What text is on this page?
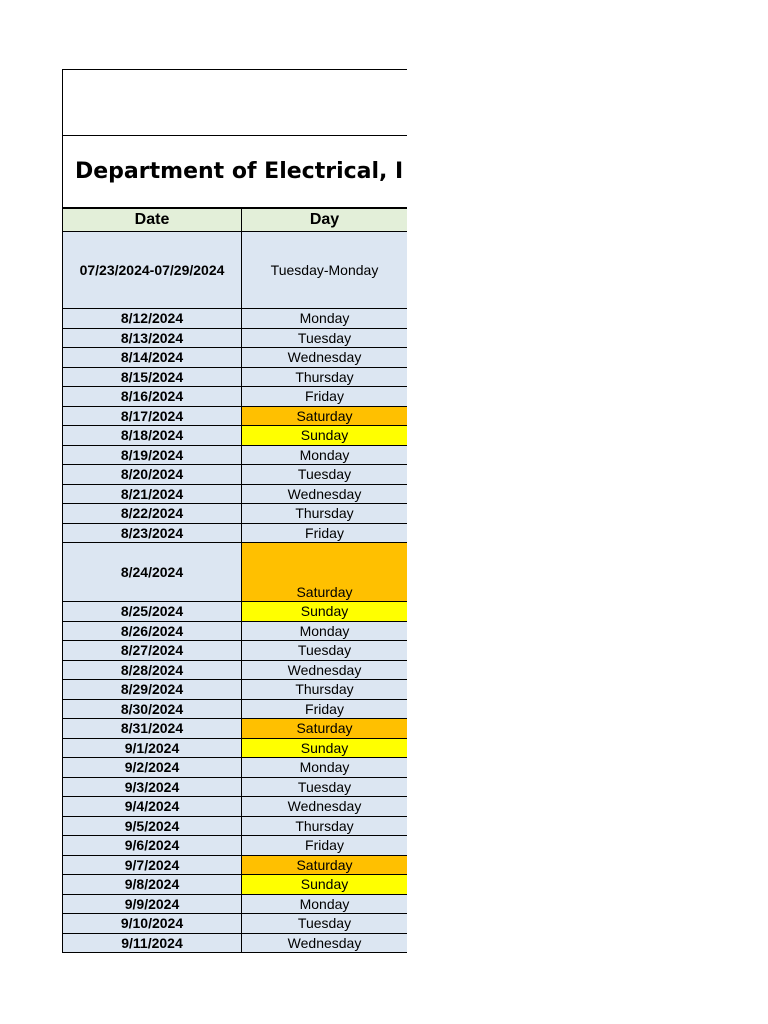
Department of Electrical, I
Date	Day
07/23/2024-07/29/2024	Tuesday-Monday
8/12/2024	Monday
8/13/2024	Tuesday
8/14/2024	Wednesday
8/15/2024	Thursday
8/16/2024	Friday
8/17/2024	Saturday
8/18/2024	Sunday
8/19/2024	Monday
8/20/2024	Tuesday
8/21/2024	Wednesday
8/22/2024	Thursday
8/23/2024	Friday
8/24/2024	Saturday
8/25/2024	Sunday
8/26/2024	Monday
8/27/2024	Tuesday
8/28/2024	Wednesday
8/29/2024	Thursday
8/30/2024	Friday
8/31/2024	Saturday
9/1/2024	Sunday
9/2/2024	Monday
9/3/2024	Tuesday
9/4/2024	Wednesday
9/5/2024	Thursday
9/6/2024	Friday
9/7/2024	Saturday
9/8/2024	Sunday
9/9/2024	Monday
9/10/2024	Tuesday
9/11/2024	Wednesday
